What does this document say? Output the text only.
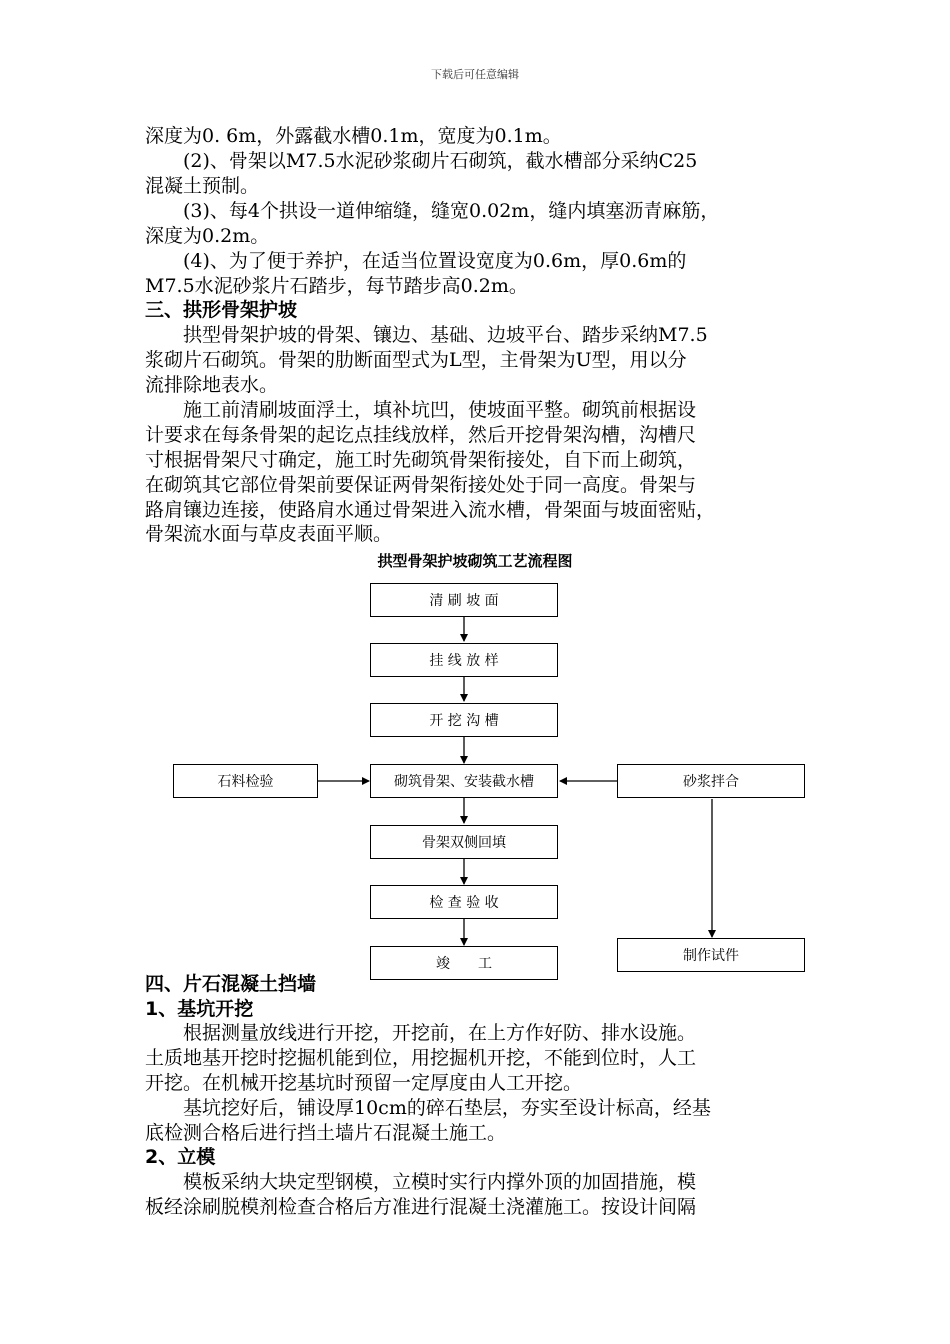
下载后可任意编辑
深度为0. 6m，外露截水槽0.1m，宽度为0.1m。
　　(2)、骨架以M7.5水泥砂浆砌片石砌筑，截水槽部分采纳C25
混凝土预制。
　　(3)、每4个拱设一道伸缩缝，缝宽0.02m，缝内填塞沥青麻筋，
深度为0.2m。
　　(4)、为了便于养护，在适当位置设宽度为0.6m，厚0.6m的
M7.5水泥砂浆片石踏步，每节踏步高0.2m。
三、拱形骨架护坡
　　拱型骨架护坡的骨架、镶边、基础、边坡平台、踏步采纳M7.5
浆砌片石砌筑。骨架的肋断面型式为L型，主骨架为U型，用以分
流排除地表水。
　　施工前清刷坡面浮土，填补坑凹，使坡面平整。砌筑前根据设
计要求在每条骨架的起讫点挂线放样，然后开挖骨架沟槽，沟槽尺
寸根据骨架尺寸确定，施工时先砌筑骨架衔接处，自下而上砌筑，
在砌筑其它部位骨架前要保证两骨架衔接处处于同一高度。骨架与
路肩镶边连接，使路肩水通过骨架进入流水槽，骨架面与坡面密贴，
骨架流水面与草皮表面平顺。
拱型骨架护坡砌筑工艺流程图
清 刷 坡 面
挂 线 放 样
开 挖 沟 槽
砌筑骨架、安装截水槽
骨架双侧回填
检 查 验 收
竣　　工
石料检验	砂浆拌合
制作试件
四、片石混凝土挡墙
1、基坑开挖
　　根据测量放线进行开挖，开挖前，在上方作好防、排水设施。
土质地基开挖时挖掘机能到位，用挖掘机开挖，不能到位时，人工
开挖。在机械开挖基坑时预留一定厚度由人工开挖。
　　基坑挖好后，铺设厚10cm的碎石垫层，夯实至设计标高，经基
底检测合格后进行挡土墙片石混凝土施工。
2、立模
　　模板采纳大块定型钢模，立模时实行内撑外顶的加固措施，模
板经涂刷脱模剂检查合格后方准进行混凝土浇灌施工。按设计间隔
